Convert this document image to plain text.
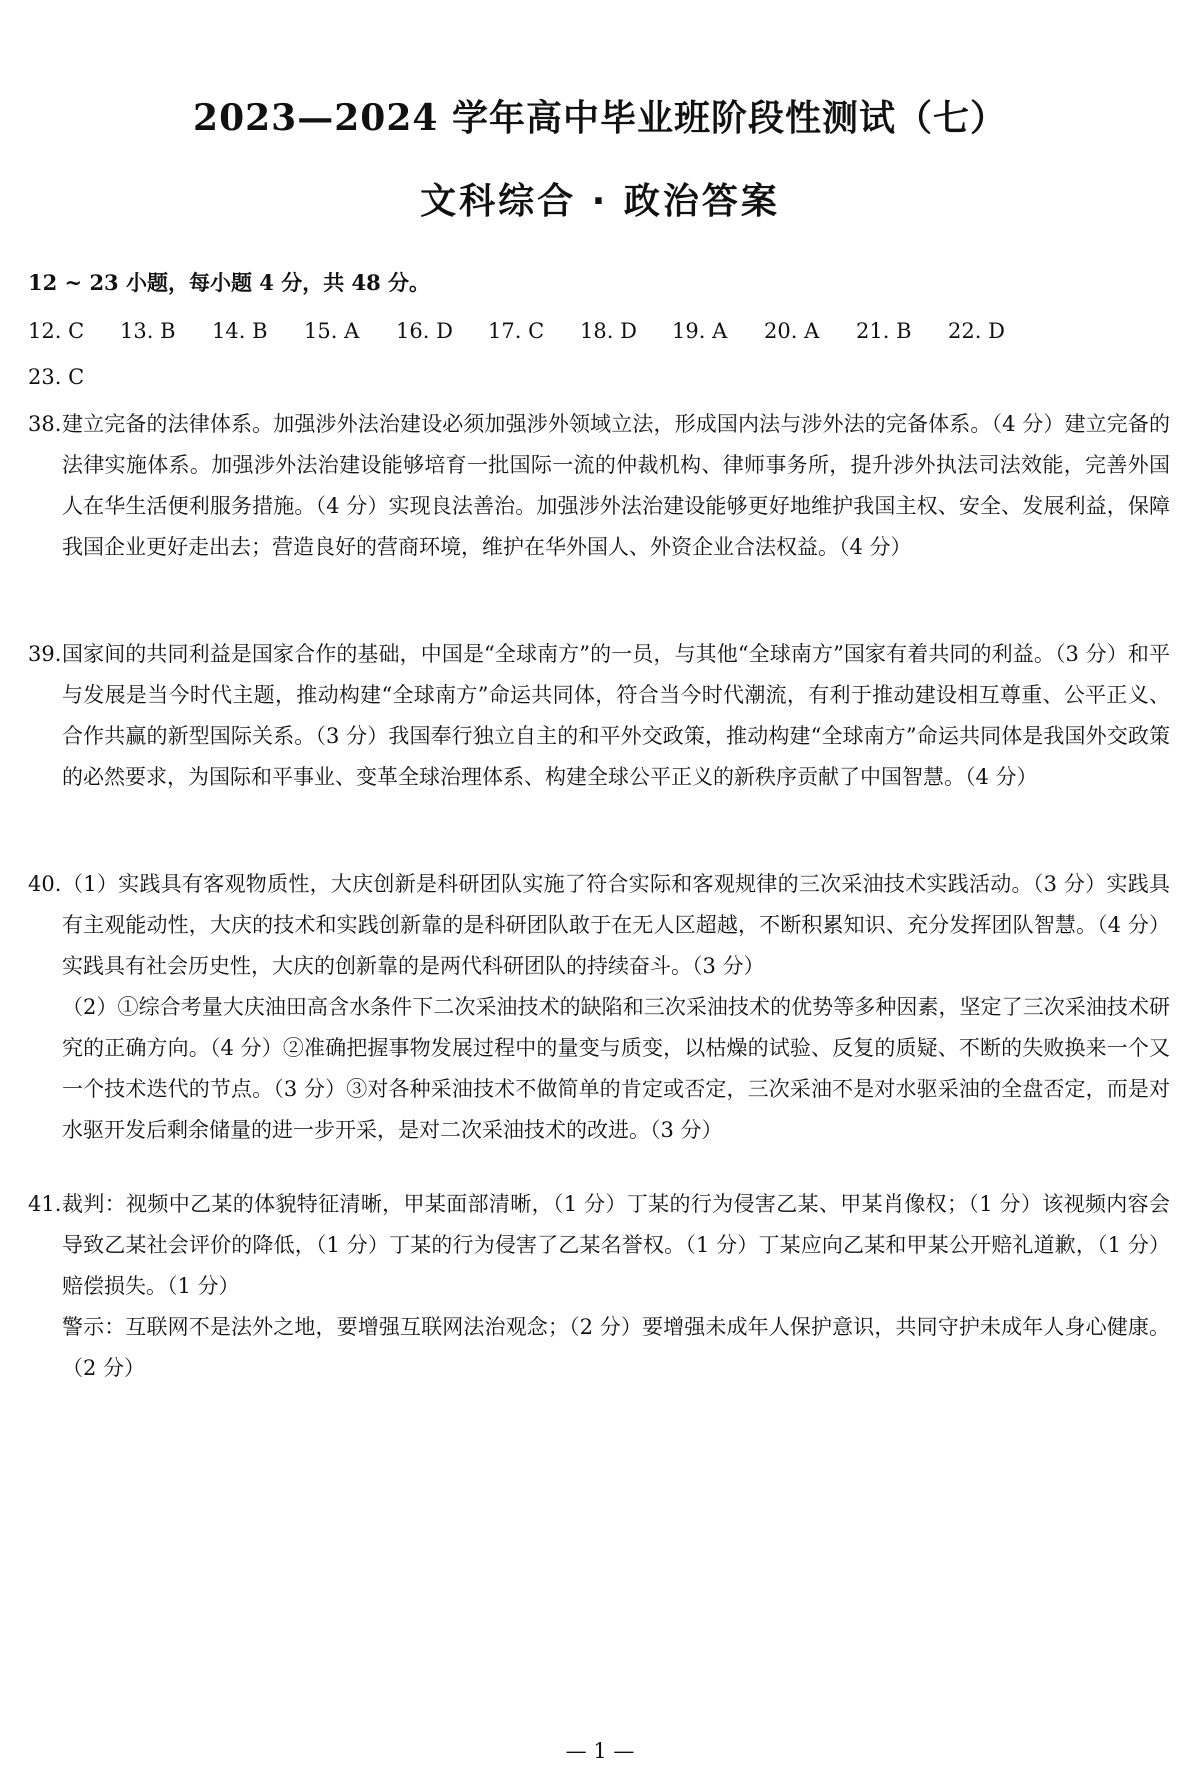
2023—2024 学年高中毕业班阶段性测试（七）
文科综合 · 政治答案
12 ~ 23 小题，每小题 4 分，共 48 分。
12. C 13. B 14. B 15. A 16. D 17. C 18. D 19. A 20. A 21. B 22. D
23. C
38. 建立完备的法律体系。加强涉外法治建设必须加强涉外领域立法，形成国内法与涉外法的完备体系。（4 分）建立完备的法律实施体系。加强涉外法治建设能够培育一批国际一流的仲裁机构、律师事务所，提升涉外执法司法效能，完善外国人在华生活便利服务措施。（4 分）实现良法善治。加强涉外法治建设能够更好地维护我国主权、安全、发展利益，保障我国企业更好走出去；营造良好的营商环境，维护在华外国人、外资企业合法权益。（4 分）
39. 国家间的共同利益是国家合作的基础，中国是“全球南方”的一员，与其他“全球南方”国家有着共同的利益。（3 分）和平与发展是当今时代主题，推动构建“全球南方”命运共同体，符合当今时代潮流，有利于推动建设相互尊重、公平正义、合作共赢的新型国际关系。（3 分）我国奉行独立自主的和平外交政策，推动构建“全球南方”命运共同体是我国外交政策的必然要求，为国际和平事业、变革全球治理体系、构建全球公平正义的新秩序贡献了中国智慧。（4 分）
40. （1）实践具有客观物质性，大庆创新是科研团队实施了符合实际和客观规律的三次采油技术实践活动。（3 分）实践具有主观能动性，大庆的技术和实践创新靠的是科研团队敢于在无人区超越，不断积累知识、充分发挥团队智慧。（4 分）实践具有社会历史性，大庆的创新靠的是两代科研团队的持续奋斗。（3 分）
（2）①综合考量大庆油田高含水条件下二次采油技术的缺陷和三次采油技术的优势等多种因素，坚定了三次采油技术研究的正确方向。（4 分）②准确把握事物发展过程中的量变与质变，以枯燥的试验、反复的质疑、不断的失败换来一个又一个技术迭代的节点。（3 分）③对各种采油技术不做简单的肯定或否定，三次采油不是对水驱采油的全盘否定，而是对水驱开发后剩余储量的进一步开采，是对二次采油技术的改进。（3 分）
41. 裁判：视频中乙某的体貌特征清晰，甲某面部清晰，（1 分）丁某的行为侵害乙某、甲某肖像权；（1 分）该视频内容会导致乙某社会评价的降低，（1 分）丁某的行为侵害了乙某名誉权。（1 分）丁某应向乙某和甲某公开赔礼道歉，（1 分）赔偿损失。（1 分）
警示：互联网不是法外之地，要增强互联网法治观念；（2 分）要增强未成年人保护意识，共同守护未成年人身心健康。（2 分）
— 1 —
